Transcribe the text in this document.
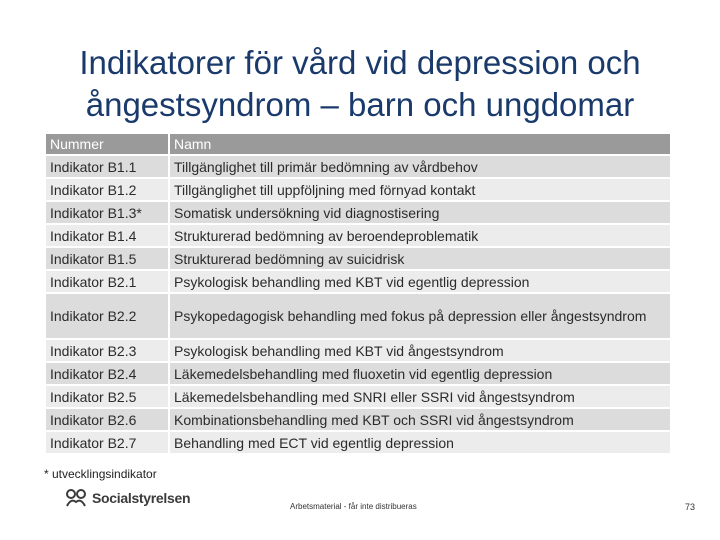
Indikatorer för vård vid depression och ångestsyndrom – barn och ungdomar
Nummer	Namn
Indikator B1.1	Tillgänglighet till primär bedömning av vårdbehov
Indikator B1.2	Tillgänglighet till uppföljning med förnyad kontakt
Indikator B1.3*	Somatisk undersökning vid diagnostisering
Indikator B1.4	Strukturerad bedömning av beroendeproblematik
Indikator B1.5	Strukturerad bedömning av suicidrisk
Indikator B2.1	Psykologisk behandling med KBT vid egentlig depression
Indikator B2.2	Psykopedagogisk behandling med fokus på depression eller ångestsyndrom
Indikator B2.3	Psykologisk behandling med KBT vid ångestsyndrom
Indikator B2.4	Läkemedelsbehandling med fluoxetin vid egentlig depression
Indikator B2.5	Läkemedelsbehandling med SNRI eller SSRI vid ångestsyndrom
Indikator B2.6	Kombinationsbehandling med KBT och SSRI vid ångestsyndrom
Indikator B2.7	Behandling med ECT vid egentlig depression
* utvecklingsindikator
Socialstyrelsen
Arbetsmaterial - får inte distribueras	73
